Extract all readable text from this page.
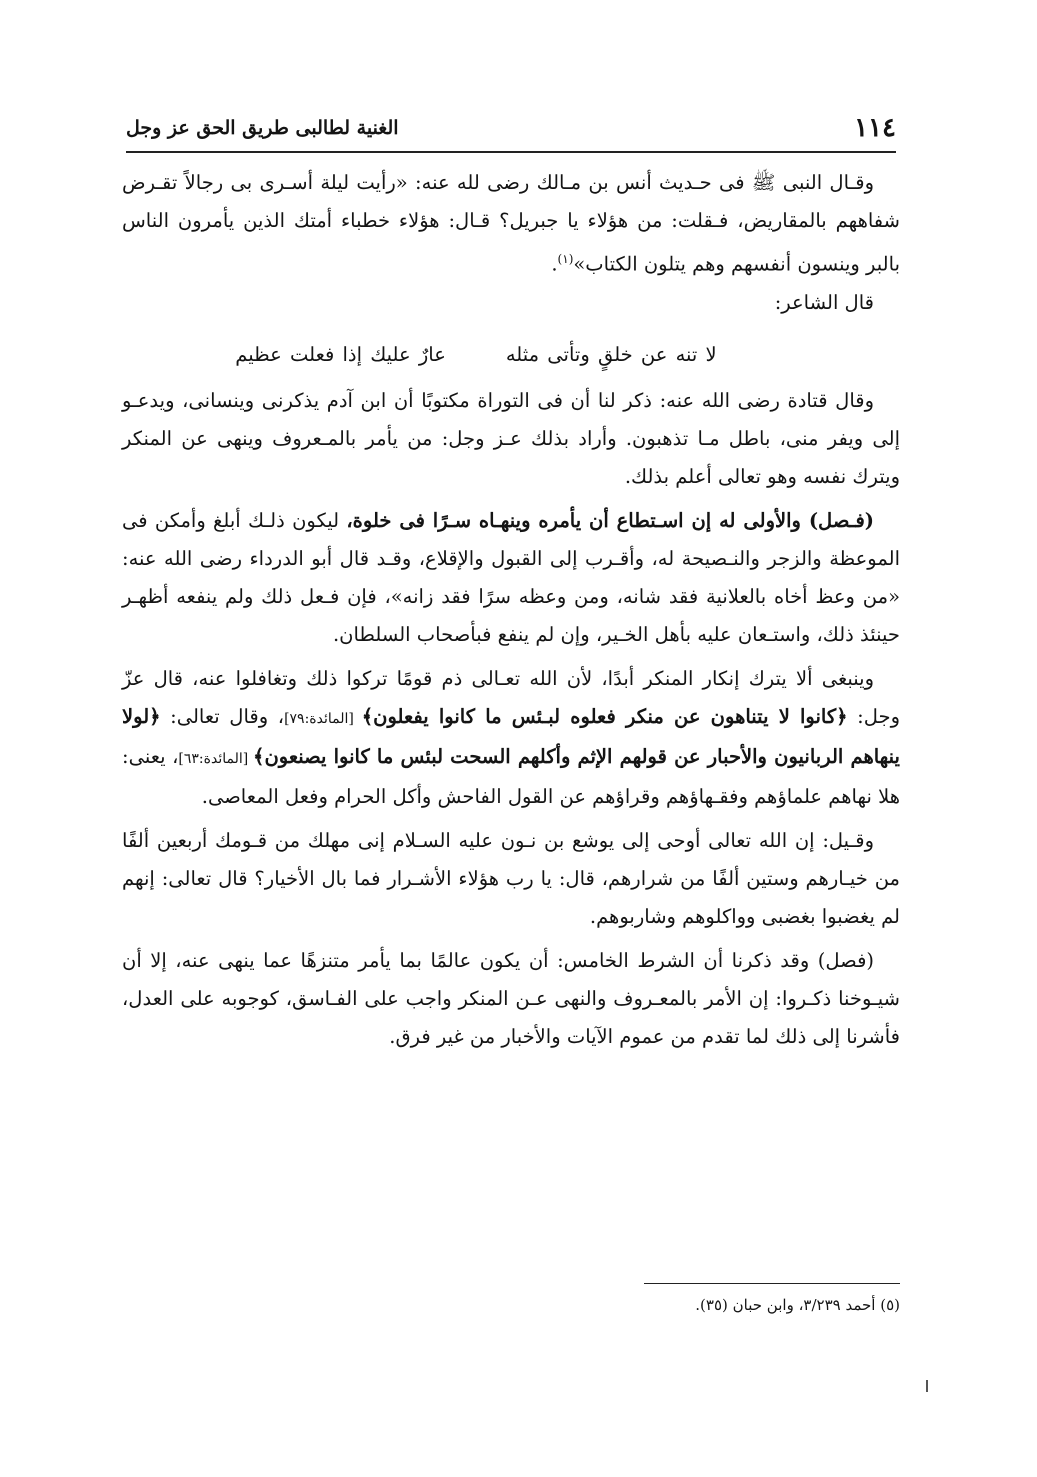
١١٤
الغنية لطالبى طريق الحق عز وجل

وقـال النبى ﷺ فى حـديث أنس بن مـالك رضى لله عنه: «رأيت ليلة أسـرى بى رجالاً تقـرض شفاههم بالمقاريض، فـقلت: من هؤلاء يا جبريل؟ قـال: هؤلاء خطباء أمتك الذين يأمرون الناس بالبر وينسون أنفسهم وهم يتلون الكتاب»$^{(١)}$.

قال الشاعر:

لا تنه عن خلقٍ وتأتى مثلهعارٌ عليك إذا فعلت عظيم

وقال قتادة رضى الله عنه: ذكر لنا أن فى التوراة مكتوبًا أن ابن آدم يذكرنى وينسانى، ويدعـو إلى ويفر منى، باطل مـا تذهبون. وأراد بذلك عـز وجل: من يأمر بالمـعروف وينهى عن المنكر ويترك نفسه وهو تعالى أعلم بذلك.

(فـصل) والأولى له إن اسـتطاع أن يأمره وينهـاه سـرًا فى خلوة، ليكون ذلـك أبلغ وأمكن فى الموعظة والزجر والنـصيحة له، وأقـرب إلى القبول والإقلاع، وقـد قال أبو الدرداء رضى الله عنه: «من وعظ أخاه بالعلانية فقد شانه، ومن وعظه سرًا فقد زانه»، فإن فـعل ذلك ولم ينفعه أظهـر حينئذ ذلك، واستـعان عليه بأهل الخـير، وإن لم ينفع فبأصحاب السلطان.

وينبغى ألا يترك إنكار المنكر أبدًا، لأن الله تعـالى ذم قومًا تركوا ذلك وتغافلوا عنه، قال عزّ وجل: ﴿كانوا لا يتناهون عن منكر فعلوه لبـئس ما كانوا يفعلون﴾ [المائدة:٧٩]، وقال تعالى: ﴿لولا ينهاهم الربانيون والأحبار عن قولهم الإثم وأكلهم السحت لبئس ما كانوا يصنعون﴾ [المائدة:٦٣]، يعنى: هلا نهاهم علماؤهم وفقـهاؤهم وقراؤهم عن القول الفاحش وأكل الحرام وفعل المعاصى.

وقـيل: إن الله تعالى أوحى إلى يوشع بن نـون عليه السـلام إنى مهلك من قـومك أربعين ألفًا من خيـارهم وستين ألفًا من شرارهم، قال: يا رب هؤلاء الأشـرار فما بال الأخيار؟ قال تعالى: إنهم لم يغضبوا بغضبى وواكلوهم وشاربوهم.

(فصل) وقد ذكرنا أن الشرط الخامس: أن يكون عالمًا بما يأمر متنزهًا عما ينهى عنه، إلا أن شيـوخنا ذكـروا: إن الأمر بالمعـروف والنهى عـن المنكر واجب على الفـاسق، كوجوبه على العدل، فأشرنا إلى ذلك لما تقدم من عموم الآيات والأخبار من غير فرق.

(٥) أحمد ٣/٢٣٩، وابن حبان (٣٥).
